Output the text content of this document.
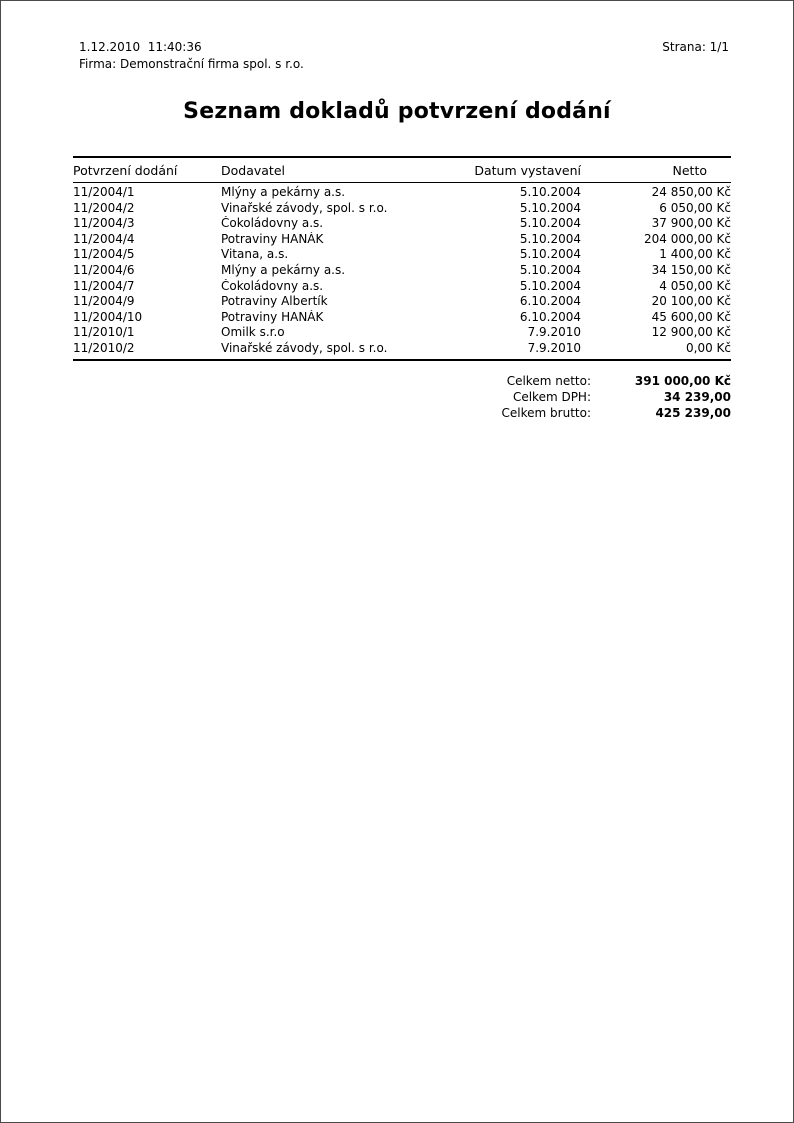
1.12.2010  11:40:36
Firma: Demonstrační firma spol. s r.o.
Strana: 1/1
Seznam dokladů potvrzení dodání
Potvrzení dodání	Dodavatel	Datum vystavení	Netto
11/2004/1	Mlýny a pekárny a.s.	5.10.2004	24 850,00 Kč
11/2004/2	Vinařské závody, spol. s r.o.	5.10.2004	6 050,00 Kč
11/2004/3	Čokoládovny a.s.	5.10.2004	37 900,00 Kč
11/2004/4	Potraviny HANÁK	5.10.2004	204 000,00 Kč
11/2004/5	Vitana, a.s.	5.10.2004	1 400,00 Kč
11/2004/6	Mlýny a pekárny a.s.	5.10.2004	34 150,00 Kč
11/2004/7	Čokoládovny a.s.	5.10.2004	4 050,00 Kč
11/2004/9	Potraviny Albertík	6.10.2004	20 100,00 Kč
11/2004/10	Potraviny HANÁK	6.10.2004	45 600,00 Kč
11/2010/1	Omilk s.r.o	7.9.2010	12 900,00 Kč
11/2010/2	Vinařské závody, spol. s r.o.	7.9.2010	0,00 Kč
Celkem netto:	391 000,00 Kč
Celkem DPH:	34 239,00
Celkem brutto:	425 239,00
